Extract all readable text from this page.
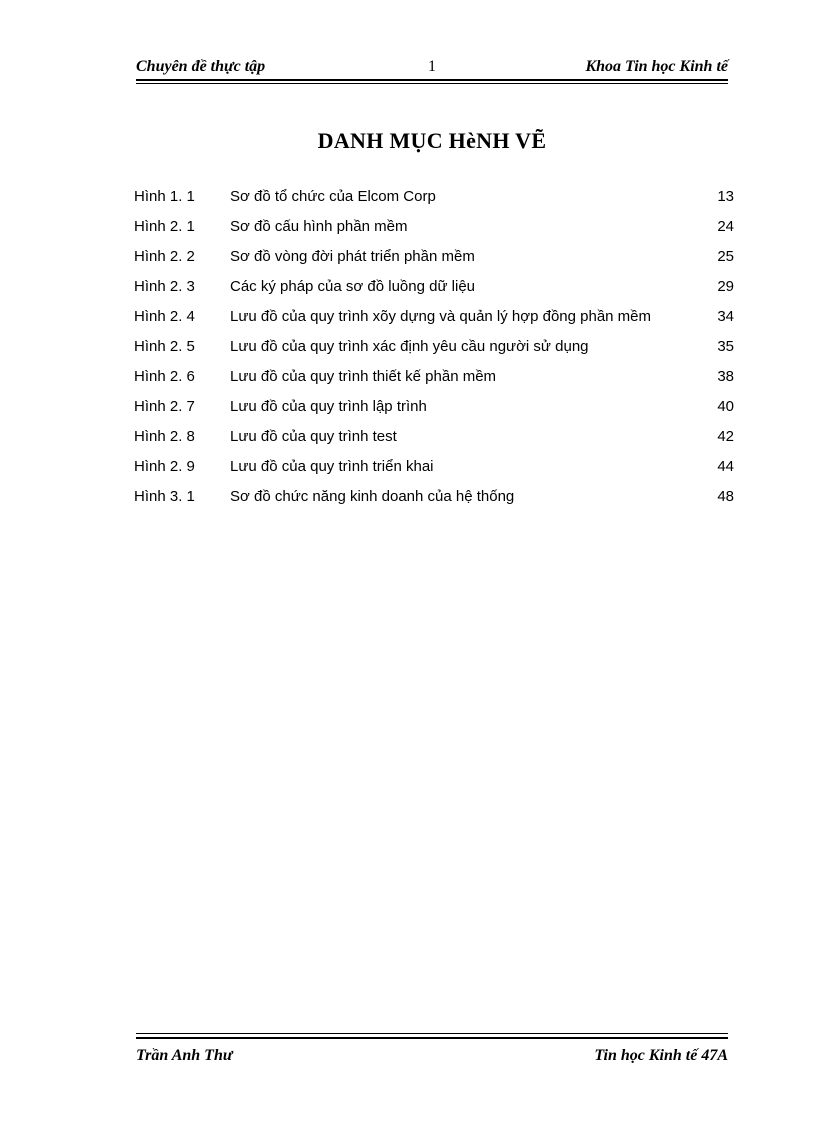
Chuyên đề thực tập	1	Khoa Tin học Kinh tế
DANH MỤC HèNH VẼ
Hình 1. 1 Sơ đồ tổ chức của Elcom Corp	13
Hình 2. 1 Sơ đồ cấu hình phần mềm	24
Hình 2. 2 Sơ đồ vòng đời phát triển phần mềm	25
Hình 2. 3 Các ký pháp của sơ đồ luồng dữ liệu	29
Hình 2. 4 Lưu đồ của quy trình xõy dựng và quản lý hợp đồng phần mềm	34
Hình 2. 5 Lưu đồ của quy trình xác định yêu cầu người sử dụng	35
Hình 2. 6 Lưu đồ của quy trình thiết kế phần mềm	38
Hình 2. 7 Lưu đồ của quy trình lập trình	40
Hình 2. 8 Lưu đồ của quy trình test	42
Hình 2. 9 Lưu đồ của quy trình triển khai	44
Hình 3. 1 Sơ đồ chức năng kinh doanh của hệ thống	48
Trần Anh Thư	Tin học Kinh tế 47A
